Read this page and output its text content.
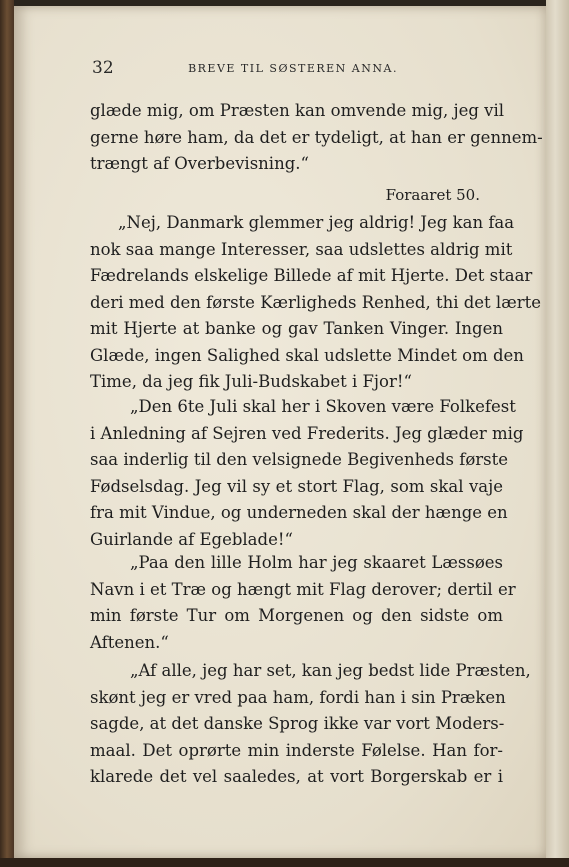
32	BREVE TIL SØSTEREN ANNA.
glæde mig, om Præsten kan omvende mig, jeg vil
gerne høre ham, da det er tydeligt, at han er gennem-
trængt af Overbevisning.“
Foraaret 50.
„Nej, Danmark glemmer jeg aldrig! Jeg kan faa
nok saa mange Interesser, saa udslettes aldrig mit
Fædrelands elskelige Billede af mit Hjerte. Det staar
deri med den første Kærligheds Renhed, thi det lærte
mit Hjerte at banke og gav Tanken Vinger. Ingen
Glæde, ingen Salighed skal udslette Mindet om den
Time, da jeg fik Juli-Budskabet i Fjor!“
„Den 6te Juli skal her i Skoven være Folkefest
i Anledning af Sejren ved Frederits. Jeg glæder mig
saa inderlig til den velsignede Begivenheds første
Fødselsdag. Jeg vil sy et stort Flag, som skal vaje
fra mit Vindue, og underneden skal der hænge en
Guirlande af Egeblade!“
„Paa den lille Holm har jeg skaaret Læssøes
Navn i et Træ og hængt mit Flag derover; dertil er
min første Tur om Morgenen og den sidste om
Aftenen.“
„Af alle, jeg har set, kan jeg bedst lide Præsten,
skønt jeg er vred paa ham, fordi han i sin Præken
sagde, at det danske Sprog ikke var vort Moders-
maal. Det oprørte min inderste Følelse. Han for-
klarede det vel saaledes, at vort Borgerskab er i
